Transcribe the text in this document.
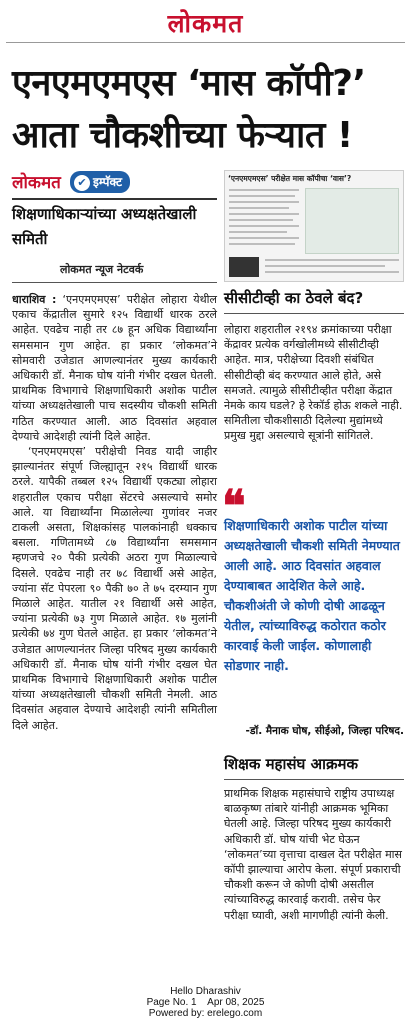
लोकमत
एनएमएमएस ‘मास कॉपी?’
आता चौकशीच्या फेऱ्यात !
लोकमत ✔ इम्पॅक्ट
शिक्षणाधिकाऱ्यांच्या अध्यक्षतेखाली समिती
लोकमत न्यूज नेटवर्क

धाराशिव : ‘एनएमएमएस’ परीक्षेत लोहारा येथील एकाच केंद्रातील सुमारे १२५ विद्यार्थी धारक ठरले आहेत. एवढेच नाही तर ८७ हून अधिक विद्यार्थ्यांना समसमान गुण आहेत. हा प्रकार ‘लोकमत’ने सोमवारी उजेडात आणल्यानंतर मुख्य कार्यकारी अधिकारी डॉ. मैनाक घोष यांनी गंभीर दखल घेतली. प्राथमिक विभागाचे शिक्षणाधिकारी अशोक पाटील यांच्या अध्यक्षतेखाली पाच सदस्यीय चौकशी समिती गठित करण्यात आली. आठ दिवसांत अहवाल देण्याचे आदेशही त्यांनी दिले आहेत.

‘एनएमएमएस’ परीक्षेची निवड यादी जाहीर झाल्यानंतर संपूर्ण जिल्ह्यातून २१५ विद्यार्थी धारक ठरले. यापैकी तब्बल १२५ विद्यार्थी एकट्या लोहारा शहरातील एकाच परीक्षा सेंटरचे असल्याचे समोर आले. या विद्यार्थ्यांना मिळालेल्या गुणांवर नजर टाकली असता, शिक्षकांसह पालकांनाही धक्काच बसला. गणितामध्ये ८७ विद्यार्थ्यांना समसमान म्हणजचे २० पैकी प्रत्येकी अठरा गुण मिळाल्याचे दिसले. एवढेच नाही तर ७८ विद्यार्थी असे आहेत, ज्यांना सॅट पेपरला ९० पैकी ७० ते ७५ दरम्यान गुण मिळाले आहेत. यातील २१ विद्यार्थी असे आहेत, ज्यांना प्रत्येकी ७३ गुण मिळाले आहेत. १७ मुलांनी प्रत्येकी ७४ गुण घेतले आहेत. हा प्रकार ‘लोकमत’ने उजेडात आणल्यानंतर जिल्हा परिषद मुख्य कार्यकारी अधिकारी डॉ. मैनाक घोष यांनी गंभीर दखल घेत प्राथमिक विभागाचे शिक्षणाधिकारी अशोक पाटील यांच्या अध्यक्षतेखाली चौकशी समिती नेमली. आठ दिवसांत अहवाल देण्याचे आदेशही त्यांनी समितीला दिले आहेत.

‘एनएमएमएस’ परीक्षेत मास कॉपीचा ‘वास’?
सीसीटीव्ही का ठेवले बंद?
लोहारा शहरातील २१९४ क्रमांकाच्या परीक्षा केंद्रावर प्रत्येक वर्गखोलीमध्ये सीसीटीव्ही आहेत. मात्र, परीक्षेच्या दिवशी संबंधित सीसीटीव्ही बंद करण्यात आले होते, असे समजते. त्यामुळे सीसीटीव्हीत परीक्षा केंद्रात नेमके काय घडले? हे रेकॉर्ड होऊ शकले नाही. समितीला चौकशीसाठी दिलेल्या मुद्यांमध्ये प्रमुख मुद्दा असल्याचे सूत्रांनी सांगितले.
❝
शिक्षणाधिकारी अशोक पाटील यांच्या अध्यक्षतेखाली चौकशी समिती नेमण्यात आली आहे. आठ दिवसांत अहवाल देण्याबाबत आदेशित केले आहे. चौकशीअंती जे कोणी दोषी आढळून येतील, त्यांच्याविरुद्ध कठोरात कठोर कारवाई केली जाईल. कोणालाही सोडणार नाही.
-डॉ. मैनाक घोष, सीईओ, जिल्हा परिषद.
शिक्षक महासंघ आक्रमक
प्राथमिक शिक्षक महासंघाचे राष्ट्रीय उपाध्यक्ष बाळकृष्ण तांबारे यांनीही आक्रमक भूमिका घेतली आहे. जिल्हा परिषद मुख्य कार्यकारी अधिकारी डॉ. घोष यांची भेट घेऊन ‘लोकमत’च्या वृत्ताचा दाखल देत परीक्षेत मास कॉपी झाल्याचा आरोप केला. संपूर्ण प्रकाराची चौकशी करून जे कोणी दोषी असतील त्यांच्याविरुद्ध कारवाई करावी. तसेच फेर परीक्षा घ्यावी, अशी मागणीही त्यांनी केली.
Hello Dharashiv
Page No. 1    Apr 08, 2025
Powered by: erelego.com
